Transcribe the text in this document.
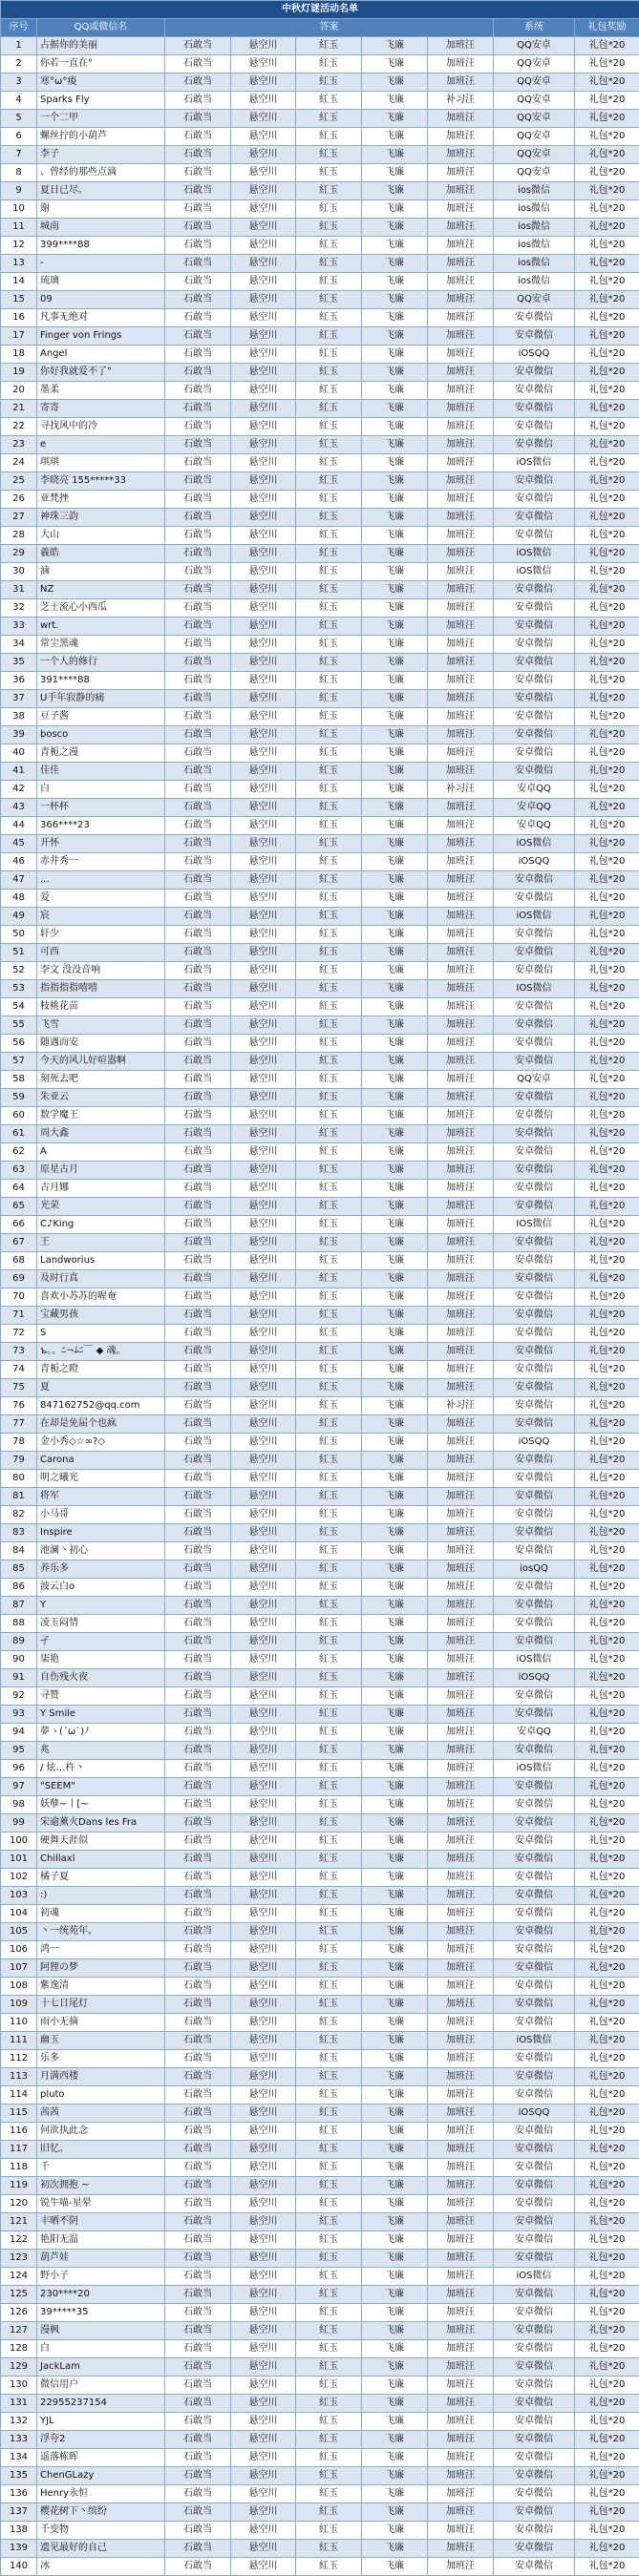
中秋灯谜活动名单								
序号	QQ或微信名	答案					系统	礼包奖励
1	占据你的美丽	石敢当	悬空川	紅玉	飞廉	加班汪	QQ安卓	礼包*20
2	你若一直在°	石敢当	悬空川	紅玉	飞廉	加班汪	QQ安卓	礼包*20
3	寒°ω°痠	石敢当	悬空川	紅玉	飞廉	加班汪	QQ安卓	礼包*20
4	Sparks Fly	石敢当	悬空川	紅玉	飞廉	补习汪	QQ安卓	礼包*20
5	一个二甲	石敢当	悬空川	紅玉	飞廉	加班汪	QQ安卓	礼包*20
6	螺丝拧的小葫芦	石敢当	悬空川	紅玉	飞廉	加班汪	QQ安卓	礼包*20
7	李子	石敢当	悬空川	紅玉	飞廉	加班汪	QQ安卓	礼包*20
8	、曾经的那些点滴	石敢当	悬空川	紅玉	飞廉	加班汪	QQ安卓	礼包*20
9	夏日已尽。	石敢当	悬空川	紅玉	飞廉	加班汪	ios微信	礼包*20
10	谢	石敢当	悬空川	紅玉	飞廉	加班汪	ios微信	礼包*20
11	城南	石敢当	悬空川	紅玉	飞廉	加班汪	ios微信	礼包*20
12	399****88	石敢当	悬空川	紅玉	飞廉	加班汪	ios微信	礼包*20
13	-	石敢当	悬空川	紅玉	飞廉	加班汪	ios微信	礼包*20
14	琉璃	石敢当	悬空川	紅玉	飞廉	加班汪	ios微信	礼包*20
15	09	石敢当	悬空川	紅玉	飞廉	加班汪	QQ安卓	礼包*20
16	凡事无绝对	石敢当	悬空川	紅玉	飞廉	加班汪	安卓微信	礼包*20
17	Finger von Frings	石敢当	悬空川	紅玉	飞廉	加班汪	安卓微信	礼包*20
18	Angel	石敢当	悬空川	紅玉	飞廉	加班汪	iOSQQ	礼包*20
19	你好我就爱不了°	石敢当	悬空川	紅玉	飞廉	加班汪	安卓微信	礼包*20
20	墨柔	石敢当	悬空川	紅玉	飞廉	加班汪	安卓微信	礼包*20
21	寄寄	石敢当	悬空川	紅玉	飞廉	加班汪	安卓微信	礼包*20
22	寻找风中的冷	石敢当	悬空川	紅玉	飞廉	加班汪	安卓微信	礼包*20
23	e	石敢当	悬空川	紅玉	飞廉	加班汪	安卓微信	礼包*20
24	琪琪	石敢当	悬空川	紅玉	飞廉	加班汪	iOS微信	礼包*20
25	李晓亮 155*****33	石敢当	悬空川	紅玉	飞廉	加班汪	安卓微信	礼包*20
26	亚梵挫	石敢当	悬空川	紅玉	飞廉	加班汪	安卓微信	礼包*20
27	神珠三韵	石敢当	悬空川	紅玉	飞廉	加班汪	安卓微信	礼包*20
28	大山	石敢当	悬空川	紅玉	飞廉	加班汪	安卓微信	礼包*20
29	羲皓	石敢当	悬空川	紅玉	飞廉	加班汪	iOS微信	礼包*20
30	滷	石敢当	悬空川	紅玉	飞廉	加班汪	iOS微信	礼包*20
31	NZ	石敢当	悬空川	紅玉	飞廉	加班汪	安卓微信	礼包*20
32	芝士流心小西瓜	石敢当	悬空川	紅玉	飞廉	加班汪	安卓微信	礼包*20
33	wrt.	石敢当	悬空川	紅玉	飞廉	加班汪	安卓微信	礼包*20
34	常尘黑魂	石敢当	悬空川	紅玉	飞廉	加班汪	安卓微信	礼包*20
35	一个人的修行	石敢当	悬空川	紅玉	飞廉	加班汪	安卓微信	礼包*20
36	391****88	石敢当	悬空川	紅玉	飞廉	加班汪	安卓微信	礼包*20
37	U手年寂静的痛	石敢当	悬空川	紅玉	飞廉	加班汪	安卓微信	礼包*20
38	豆子酱	石敢当	悬空川	紅玉	飞廉	加班汪	安卓微信	礼包*20
39	bosco	石敢当	悬空川	紅玉	飞廉	加班汪	安卓微信	礼包*20
40	青栀之漫	石敢当	悬空川	紅玉	飞廉	加班汪	安卓微信	礼包*20
41	佳佳	石敢当	悬空川	紅玉	飞廉	加班汪	安卓微信	礼包*20
42	白	石敢当	悬空川	紅玉	飞廉	补习汪	安卓QQ	礼包*20
43	一杯杯	石敢当	悬空川	紅玉	飞廉	加班汪	安卓QQ	礼包*20
44	366****23	石敢当	悬空川	紅玉	飞廉	加班汪	安卓QQ	礼包*20
45	开怀	石敢当	悬空川	紅玉	飞廉	加班汪	iOS微信	礼包*20
46	赤井秀一	石敢当	悬空川	紅玉	飞廉	加班汪	iOSQQ	礼包*20
47	...	石敢当	悬空川	紅玉	飞廉	加班汪	安卓微信	礼包*20
48	爱	石敢当	悬空川	紅玉	飞廉	加班汪	安卓微信	礼包*20
49	宸	石敢当	悬空川	紅玉	飞廉	加班汪	iOS微信	礼包*20
50	轩少	石敢当	悬空川	紅玉	飞廉	加班汪	安卓微信	礼包*20
51	可西	石敢当	悬空川	紅玉	飞廉	加班汪	安卓微信	礼包*20
52	李文 没没音响	石敢当	悬空川	紅玉	飞廉	加班汪	安卓微信	礼包*20
53	指指指指嘻嘻	石敢当	悬空川	紅玉	飞廉	加班汪	IOS微信	礼包*20
54	枝桃花苗	石敢当	悬空川	紅玉	飞廉	加班汪	安卓微信	礼包*20
55	飞雪	石敢当	悬空川	紅玉	飞廉	加班汪	安卓微信	礼包*20
56	随遇而安	石敢当	悬空川	紅玉	飞廉	加班汪	安卓微信	礼包*20
57	今天的风儿好喧嚣啊	石敢当	悬空川	紅玉	飞廉	加班汪	安卓微信	礼包*20
58	刻死去吧	石敢当	悬空川	紅玉	飞廉	加班汪	QQ安卓	礼包*20
59	朱亚云	石敢当	悬空川	紅玉	飞廉	加班汪	安卓微信	礼包*20
60	数学魔王	石敢当	悬空川	紅玉	飞廉	加班汪	安卓微信	礼包*20
61	周大鑫	石敢当	悬空川	紅玉	飞廉	加班汪	安卓微信	礼包*20
62	A	石敢当	悬空川	紅玉	飞廉	加班汪	安卓微信	礼包*20
63	原星古月	石敢当	悬空川	紅玉	飞廉	加班汪	安卓微信	礼包*20
64	古月娜	石敢当	悬空川	紅玉	飞廉	加班汪	安卓微信	礼包*20
65	光荣	石敢当	悬空川	紅玉	飞廉	加班汪	安卓微信	礼包*20
66	C♪King	石敢当	悬空川	紅玉	飞廉	加班汪	IOS微信	礼包*20
67	王	石敢当	悬空川	紅玉	飞廉	加班汪	安卓微信	礼包*20
68	Landworius	石敢当	悬空川	紅玉	飞廉	加班汪	安卓微信	礼包*20
69	及时行真	石敢当	悬空川	紅玉	飞廉	加班汪	安卓微信	礼包*20
70	喜欢小苏苏的喔奄	石敢当	悬空川	紅玉	飞廉	加班汪	安卓微信	礼包*20
71	宝藏男孩	石敢当	悬空川	紅玉	飞廉	加班汪	安卓微信	礼包*20
72	S	石敢当	悬空川	紅玉	飞廉	加班汪	安卓微信	礼包*20
73	ъ。。ﾆ¬ﾑﾆ￣ ◆ 魂。	石敢当	悬空川	紅玉	飞廉	加班汪	安卓微信	礼包*20
74	青栀之瞪	石敢当	悬空川	紅玉	飞廉	加班汪	安卓微信	礼包*20
75	夏	石敢当	悬空川	紅玉	飞廉	加班汪	安卓微信	礼包*20
76	847162752@qq.com	石敢当	悬空川	紅玉	飞廉	补习汪	安卓微信	礼包*20
77	在却是免届个也疯	石敢当	悬空川	紅玉	飞廉	加班汪	安卓微信	礼包*20
78	金小秀◇☆∞?◇	石敢当	悬空川	紅玉	飞廉	加班汪	iOSQQ	礼包*20
79	Carona	石敢当	悬空川	紅玉	飞廉	加班汪	安卓微信	礼包*20
80	明之曦光	石敢当	悬空川	紅玉	飞廉	加班汪	安卓微信	礼包*20
81	将军	石敢当	悬空川	紅玉	飞廉	加班汪	安卓微信	礼包*20
82	小马哥	石敢当	悬空川	紅玉	飞廉	加班汪	安卓微信	礼包*20
83	Inspire	石敢当	悬空川	紅玉	飞廉	加班汪	安卓微信	礼包*20
84	池澜丶初心	石敢当	悬空川	紅玉	飞廉	加班汪	安卓微信	礼包*20
85	养乐多	石敢当	悬空川	紅玉	飞廉	加班汪	iosQQ	礼包*20
86	波云白o	石敢当	悬空川	紅玉	飞廉	加班汪	安卓微信	礼包*20
87	Y	石敢当	悬空川	紅玉	飞廉	加班汪	安卓微信	礼包*20
88	凌玉闷情	石敢当	悬空川	紅玉	飞廉	加班汪	安卓微信	礼包*20
89	孑	石敢当	悬空川	紅玉	飞廉	加班汪	安卓微信	礼包*20
90	柒艳	石敢当	悬空川	紅玉	飞廉	加班汪	iOS微信	礼包*20
91	自伤残火夜	石敢当	悬空川	紅玉	飞廉	加班汪	iOSQQ	礼包*20
92	寻赞	石敢当	悬空川	紅玉	飞廉	加班汪	安卓微信	礼包*20
93	Y Smile	石敢当	悬空川	紅玉	飞廉	加班汪	安卓微信	礼包*20
94	夢ヽ(´ω`)ﾉ	石敢当	悬空川	紅玉	飞廉	加班汪	安卓QQ	礼包*20
95	兆	石敢当	悬空川	紅玉	飞廉	加班汪	安卓微信	礼包*20
96	/ 炫…杵丶	石敢当	悬空川	紅玉	飞廉	加班汪	iOS微信	礼包*20
97	"SEEM"	石敢当	悬空川	紅玉	飞廉	加班汪	安卓微信	礼包*20
98	妖孽~丨[~	石敢当	悬空川	紅玉	飞廉	加班汪	安卓微信	礼包*20
99	宋逾薰火Dans les Fra	石敢当	悬空川	紅玉	飞廉	加班汪	安卓微信	礼包*20
100	硬舞天涯似	石敢当	悬空川	紅玉	飞廉	加班汪	安卓微信	礼包*20
101	Chillaxl	石敢当	悬空川	紅玉	飞廉	加班汪	安卓微信	礼包*20
102	橘子夏	石敢当	悬空川	紅玉	飞廉	加班汪	安卓微信	礼包*20
103	:)	石敢当	悬空川	紅玉	飞廉	加班汪	安卓微信	礼包*20
104	初魂	石敢当	悬空川	紅玉	飞廉	加班汪	安卓微信	礼包*20
105	丶一统苑年。	石敢当	悬空川	紅玉	飞廉	加班汪	安卓微信	礼包*20
106	鸿一	石敢当	悬空川	紅玉	飞廉	加班汪	安卓微信	礼包*20
107	阿狸の梦	石敢当	悬空川	紅玉	飞廉	加班汪	安卓微信	礼包*20
108	紫逸清	石敢当	悬空川	紅玉	飞廉	加班汪	安卓微信	礼包*20
109	十七日尾灯	石敢当	悬空川	紅玉	飞廉	加班汪	安卓微信	礼包*20
110	雨小无摘	石敢当	悬空川	紅玉	飞廉	加班汪	安卓微信	礼包*20
111	幽玉	石敢当	悬空川	紅玉	飞廉	加班汪	iOS微信	礼包*20
112	乐多	石敢当	悬空川	紅玉	飞廉	加班汪	安卓微信	礼包*20
113	月满西楼	石敢当	悬空川	紅玉	飞廉	加班汪	安卓微信	礼包*20
114	pluto	石敢当	悬空川	紅玉	飞廉	加班汪	安卓微信	礼包*20
115	茜茜	石敢当	悬空川	紅玉	飞廉	加班汪	iOSQQ	礼包*20
116	何欲执此念	石敢当	悬空川	紅玉	飞廉	加班汪	安卓微信	礼包*20
117	旧忆。	石敢当	悬空川	紅玉	飞廉	加班汪	安卓微信	礼包*20
118	千	石敢当	悬空川	紅玉	飞廉	加班汪	安卓微信	礼包*20
119	初次拥抱 ~	石敢当	悬空川	紅玉	飞廉	加班汪	安卓微信	礼包*20
120	锐牛喵-星晕	石敢当	悬空川	紅玉	飞廉	加班汪	安卓微信	礼包*20
121	丰晒不阴	石敢当	悬空川	紅玉	飞廉	加班汪	安卓微信	礼包*20
122	艳阳无温	石敢当	悬空川	紅玉	飞廉	加班汪	安卓微信	礼包*20
123	葫芦娃	石敢当	悬空川	紅玉	飞廉	加班汪	安卓微信	礼包*20
124	野小子	石敢当	悬空川	紅玉	飞廉	加班汪	iOS微信	礼包*20
125	230****20	石敢当	悬空川	紅玉	飞廉	加班汪	安卓微信	礼包*20
126	39*****35	石敢当	悬空川	紅玉	飞廉	加班汪	安卓微信	礼包*20
127	漫枫	石敢当	悬空川	紅玉	飞廉	加班汪	安卓微信	礼包*20
128	白	石敢当	悬空川	紅玉	飞廉	加班汪	安卓微信	礼包*20
129	JackLam	石敢当	悬空川	紅玉	飞廉	加班汪	安卓微信	礼包*20
130	微信用户	石敢当	悬空川	紅玉	飞廉	加班汪	安卓微信	礼包*20
131	22955237154	石敢当	悬空川	紅玉	飞廉	加班汪	安卓微信	礼包*20
132	YJL	石敢当	悬空川	紅玉	飞廉	加班汪	安卓微信	礼包*20
133	浮夸2	石敢当	悬空川	紅玉	飞廉	加班汪	安卓微信	礼包*20
134	遥落栋晖	石敢当	悬空川	紅玉	飞廉	加班汪	安卓微信	礼包*20
135	ChenGLazy	石敢当	悬空川	紅玉	飞廉	加班汪	安卓微信	礼包*20
136	Henry永恒	石敢当	悬空川	紅玉	飞廉	加班汪	安卓微信	礼包*20
137	樱花树下丶缤纷	石敢当	悬空川	紅玉	飞廉	加班汪	安卓微信	礼包*20
138	千变物	石敢当	悬空川	紅玉	飞廉	加班汪	安卓微信	礼包*20
139	遗见最好的自己	石敢当	悬空川	紅玉	飞廉	加班汪	安卓微信	礼包*20
140	冰	石敢当	悬空川	紅玉	飞廉	加班汪	安卓微信	礼包*20
